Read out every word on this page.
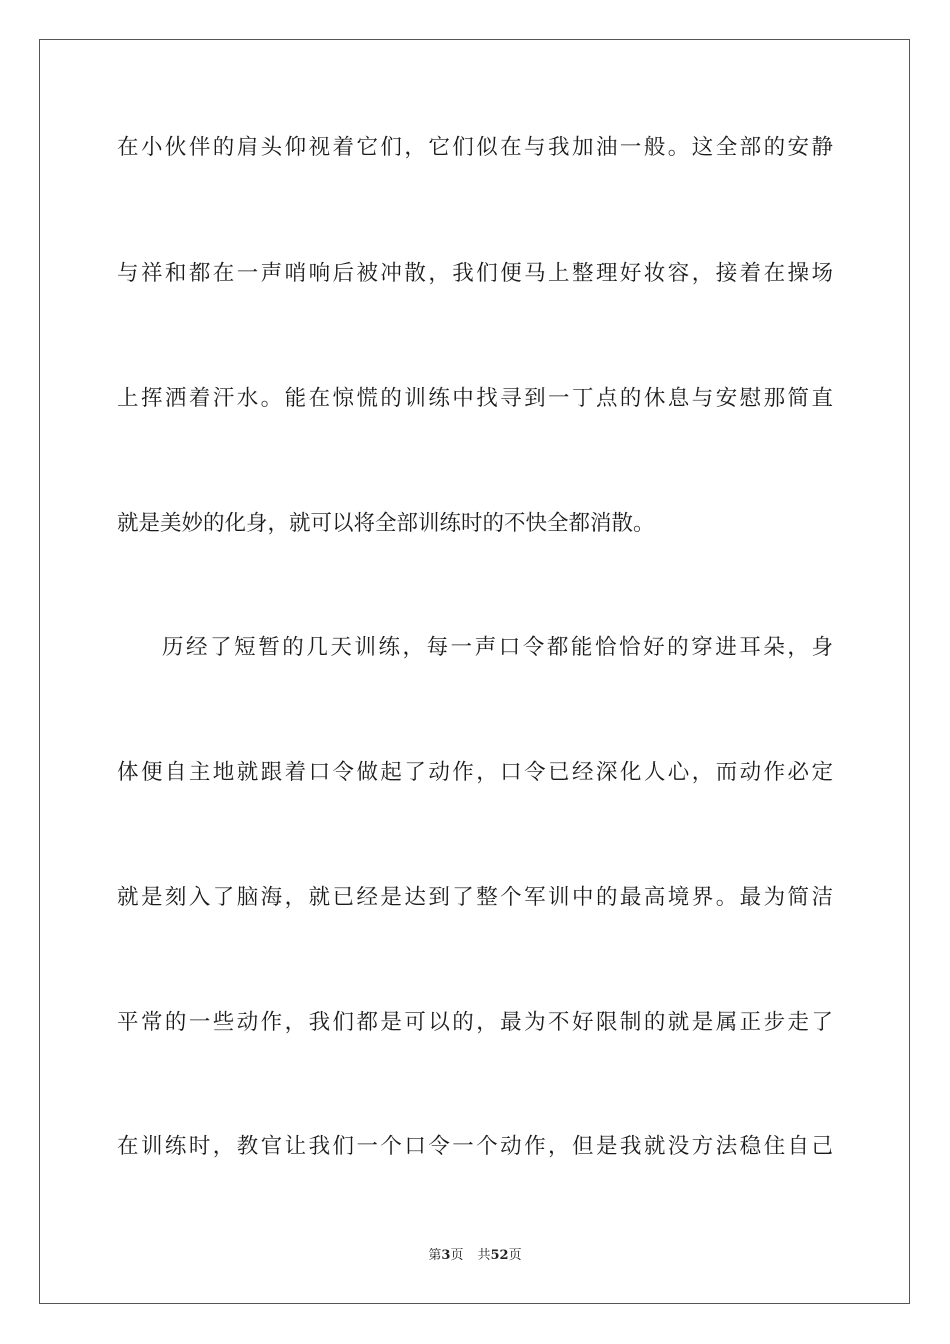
在小伙伴的肩头仰视着它们，它们似在与我加油一般。这全部的安静
与祥和都在一声哨响后被冲散，我们便马上整理好妆容，接着在操场
上挥洒着汗水。能在惊慌的训练中找寻到一丁点的休息与安慰那简直
就是美妙的化身，就可以将全部训练时的不快全都消散。
历经了短暂的几天训练，每一声口令都能恰恰好的穿进耳朵，身
体便自主地就跟着口令做起了动作，口令已经深化人心，而动作必定
就是刻入了脑海，就已经是达到了整个军训中的最高境界。最为简洁
平常的一些动作，我们都是可以的，最为不好限制的就是属正步走了
在训练时，教官让我们一个口令一个动作，但是我就没方法稳住自己
第3页 共52页
